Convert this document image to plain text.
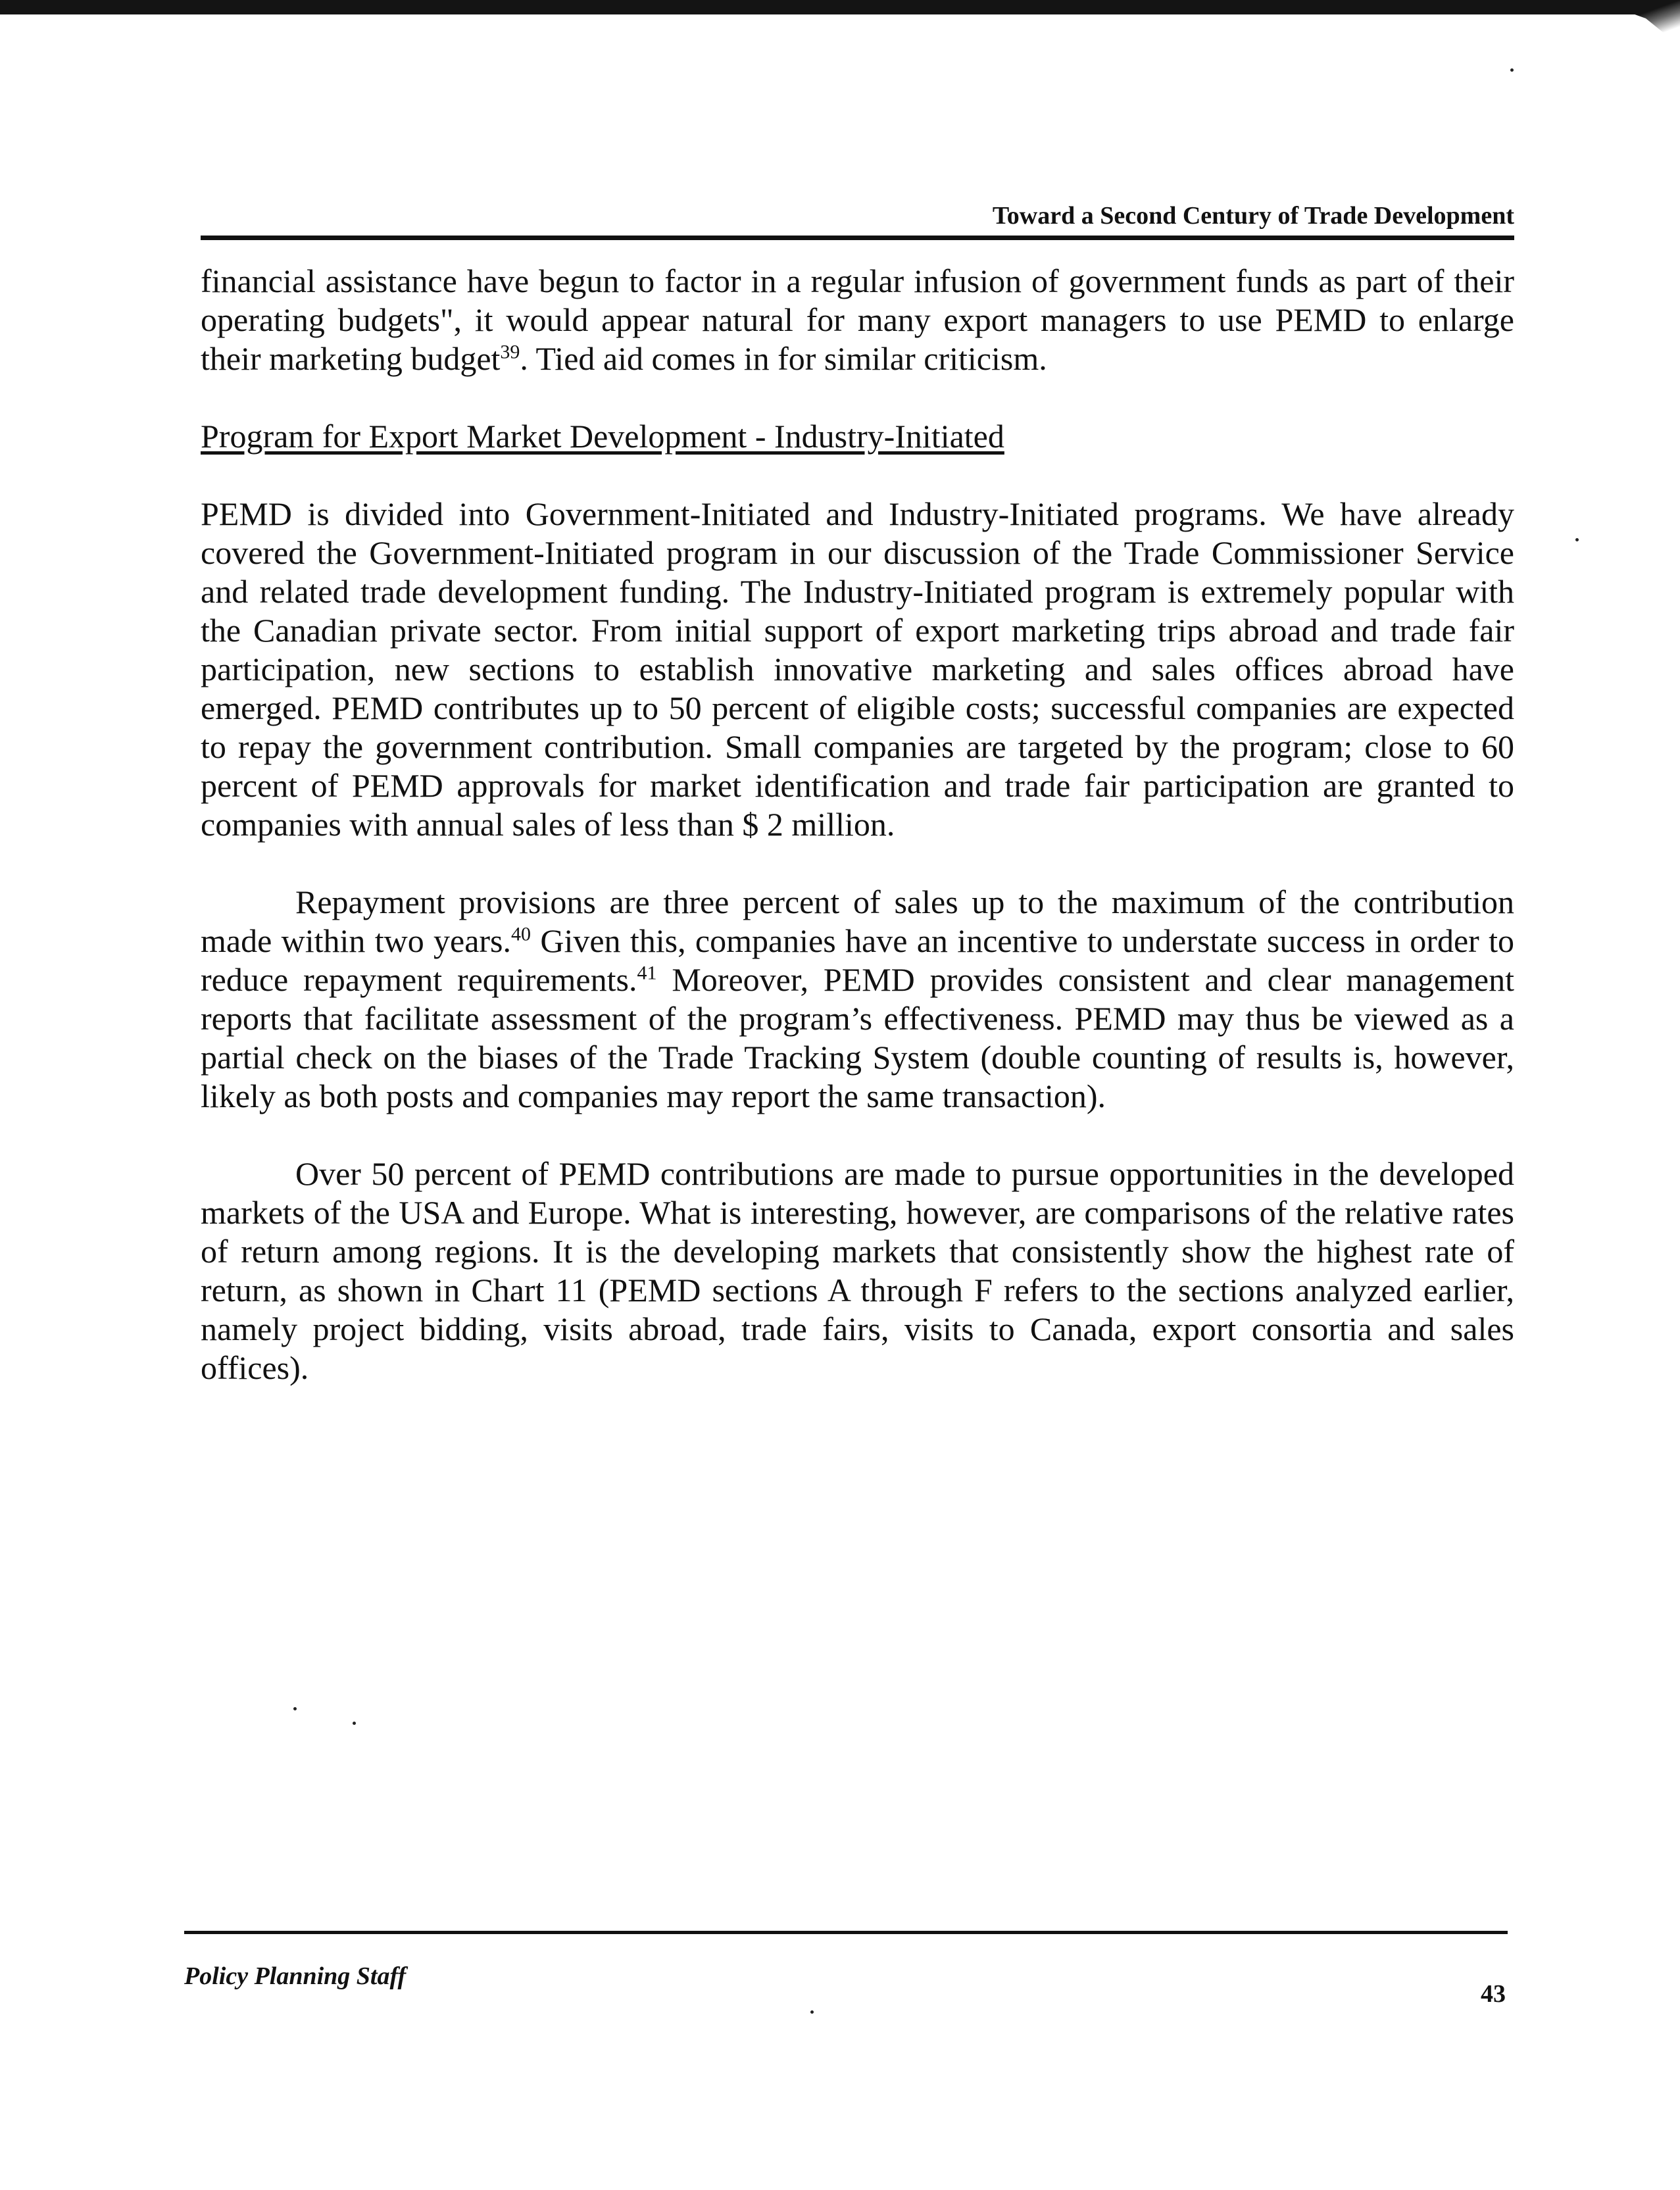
Toward a Second Century of Trade Development

financial assistance have begun to factor in a regular infusion of government funds as part of their operating budgets", it would appear natural for many export managers to use PEMD to enlarge their marketing budget$^{39}$. Tied aid comes in for similar criticism.

Program for Export Market Development - Industry-Initiated

PEMD is divided into Government-Initiated and Industry-Initiated programs. We have already covered the Government-Initiated program in our discussion of the Trade Commissioner Service and related trade development funding. The Industry-Initiated program is extremely popular with the Canadian private sector. From initial support of export marketing trips abroad and trade fair participation, new sections to establish innovative marketing and sales offices abroad have emerged. PEMD contributes up to 50 percent of eligible costs; successful companies are expected to repay the government contribution. Small companies are targeted by the program; close to 60 percent of PEMD approvals for market identification and trade fair participation are granted to companies with annual sales of less than $ 2 million.

Repayment provisions are three percent of sales up to the maximum of the contribution made within two years.$^{40}$ Given this, companies have an incentive to understate success in order to reduce repayment requirements.$^{41}$ Moreover, PEMD provides consistent and clear management reports that facilitate assessment of the program’s effectiveness. PEMD may thus be viewed as a partial check on the biases of the Trade Tracking System (double counting of results is, however, likely as both posts and companies may report the same transaction).

Over 50 percent of PEMD contributions are made to pursue opportunities in the developed markets of the USA and Europe. What is interesting, however, are comparisons of the relative rates of return among regions. It is the developing markets that consistently show the highest rate of return, as shown in Chart 11 (PEMD sections A through F refers to the sections analyzed earlier, namely project bidding, visits abroad, trade fairs, visits to Canada, export consortia and sales offices).

Policy Planning Staff
43
